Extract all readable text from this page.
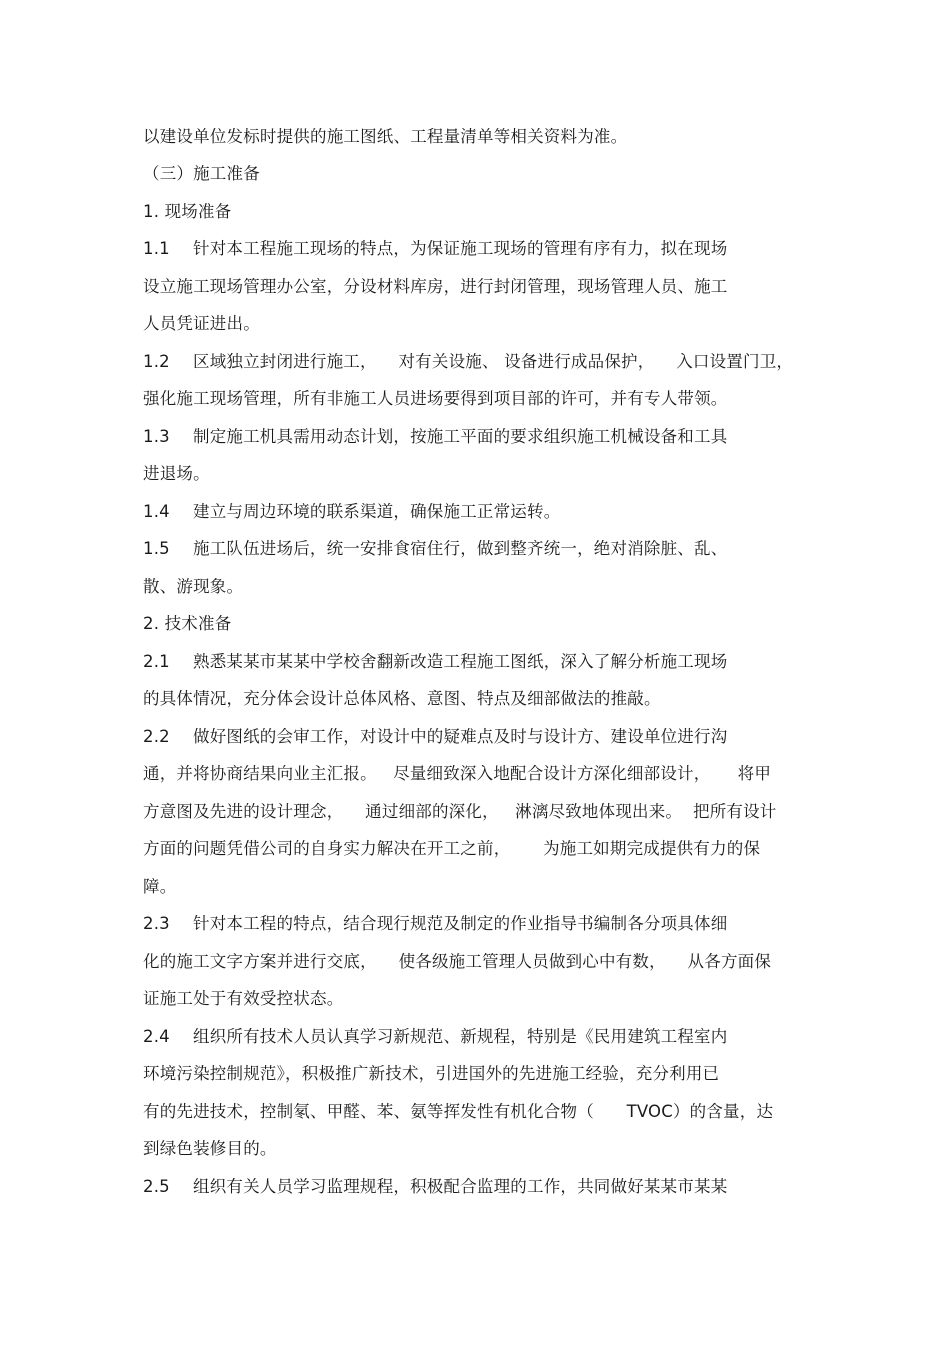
以建设单位发标时提供的施工图纸、工程量清单等相关资料为准。
（三）施工准备
1. 现场准备
1.1 针对本工程施工现场的特点，为保证施工现场的管理有序有力，拟在现场
设立施工现场管理办公室，分设材料库房，进行封闭管理，现场管理人员、施工
人员凭证进出。
1.2 区域独立封闭进行施工，    对有关设施、 设备进行成品保护，    入口设置门卫，
强化施工现场管理，所有非施工人员进场要得到项目部的许可，并有专人带领。
1.3 制定施工机具需用动态计划，按施工平面的要求组织施工机械设备和工具
进退场。
1.4 建立与周边环境的联系渠道，确保施工正常运转。
1.5 施工队伍进场后，统一安排食宿住行，做到整齐统一，绝对消除脏、乱、
散、游现象。
2. 技术准备
2.1 熟悉某某市某某中学校舍翻新改造工程施工图纸，深入了解分析施工现场
的具体情况，充分体会设计总体风格、意图、特点及细部做法的推敲。
2.2 做好图纸的会审工作，对设计中的疑难点及时与设计方、建设单位进行沟
通，并将协商结果向业主汇报。   尽量细致深入地配合设计方深化细部设计，     将甲
方意图及先进的设计理念，    通过细部的深化，   淋漓尽致地体现出来。  把所有设计
方面的问题凭借公司的自身实力解决在开工之前，      为施工如期完成提供有力的保
障。
2.3 针对本工程的特点，结合现行规范及制定的作业指导书编制各分项具体细
化的施工文字方案并进行交底，    使各级施工管理人员做到心中有数，    从各方面保
证施工处于有效受控状态。
2.4 组织所有技术人员认真学习新规范、新规程，特别是《民用建筑工程室内
环境污染控制规范》，积极推广新技术，引进国外的先进施工经验，充分利用已
有的先进技术，控制氡、甲醛、苯、氨等挥发性有机化合物（      TVOC）的含量，达
到绿色装修目的。
2.5 组织有关人员学习监理规程，积极配合监理的工作，共同做好某某市某某
